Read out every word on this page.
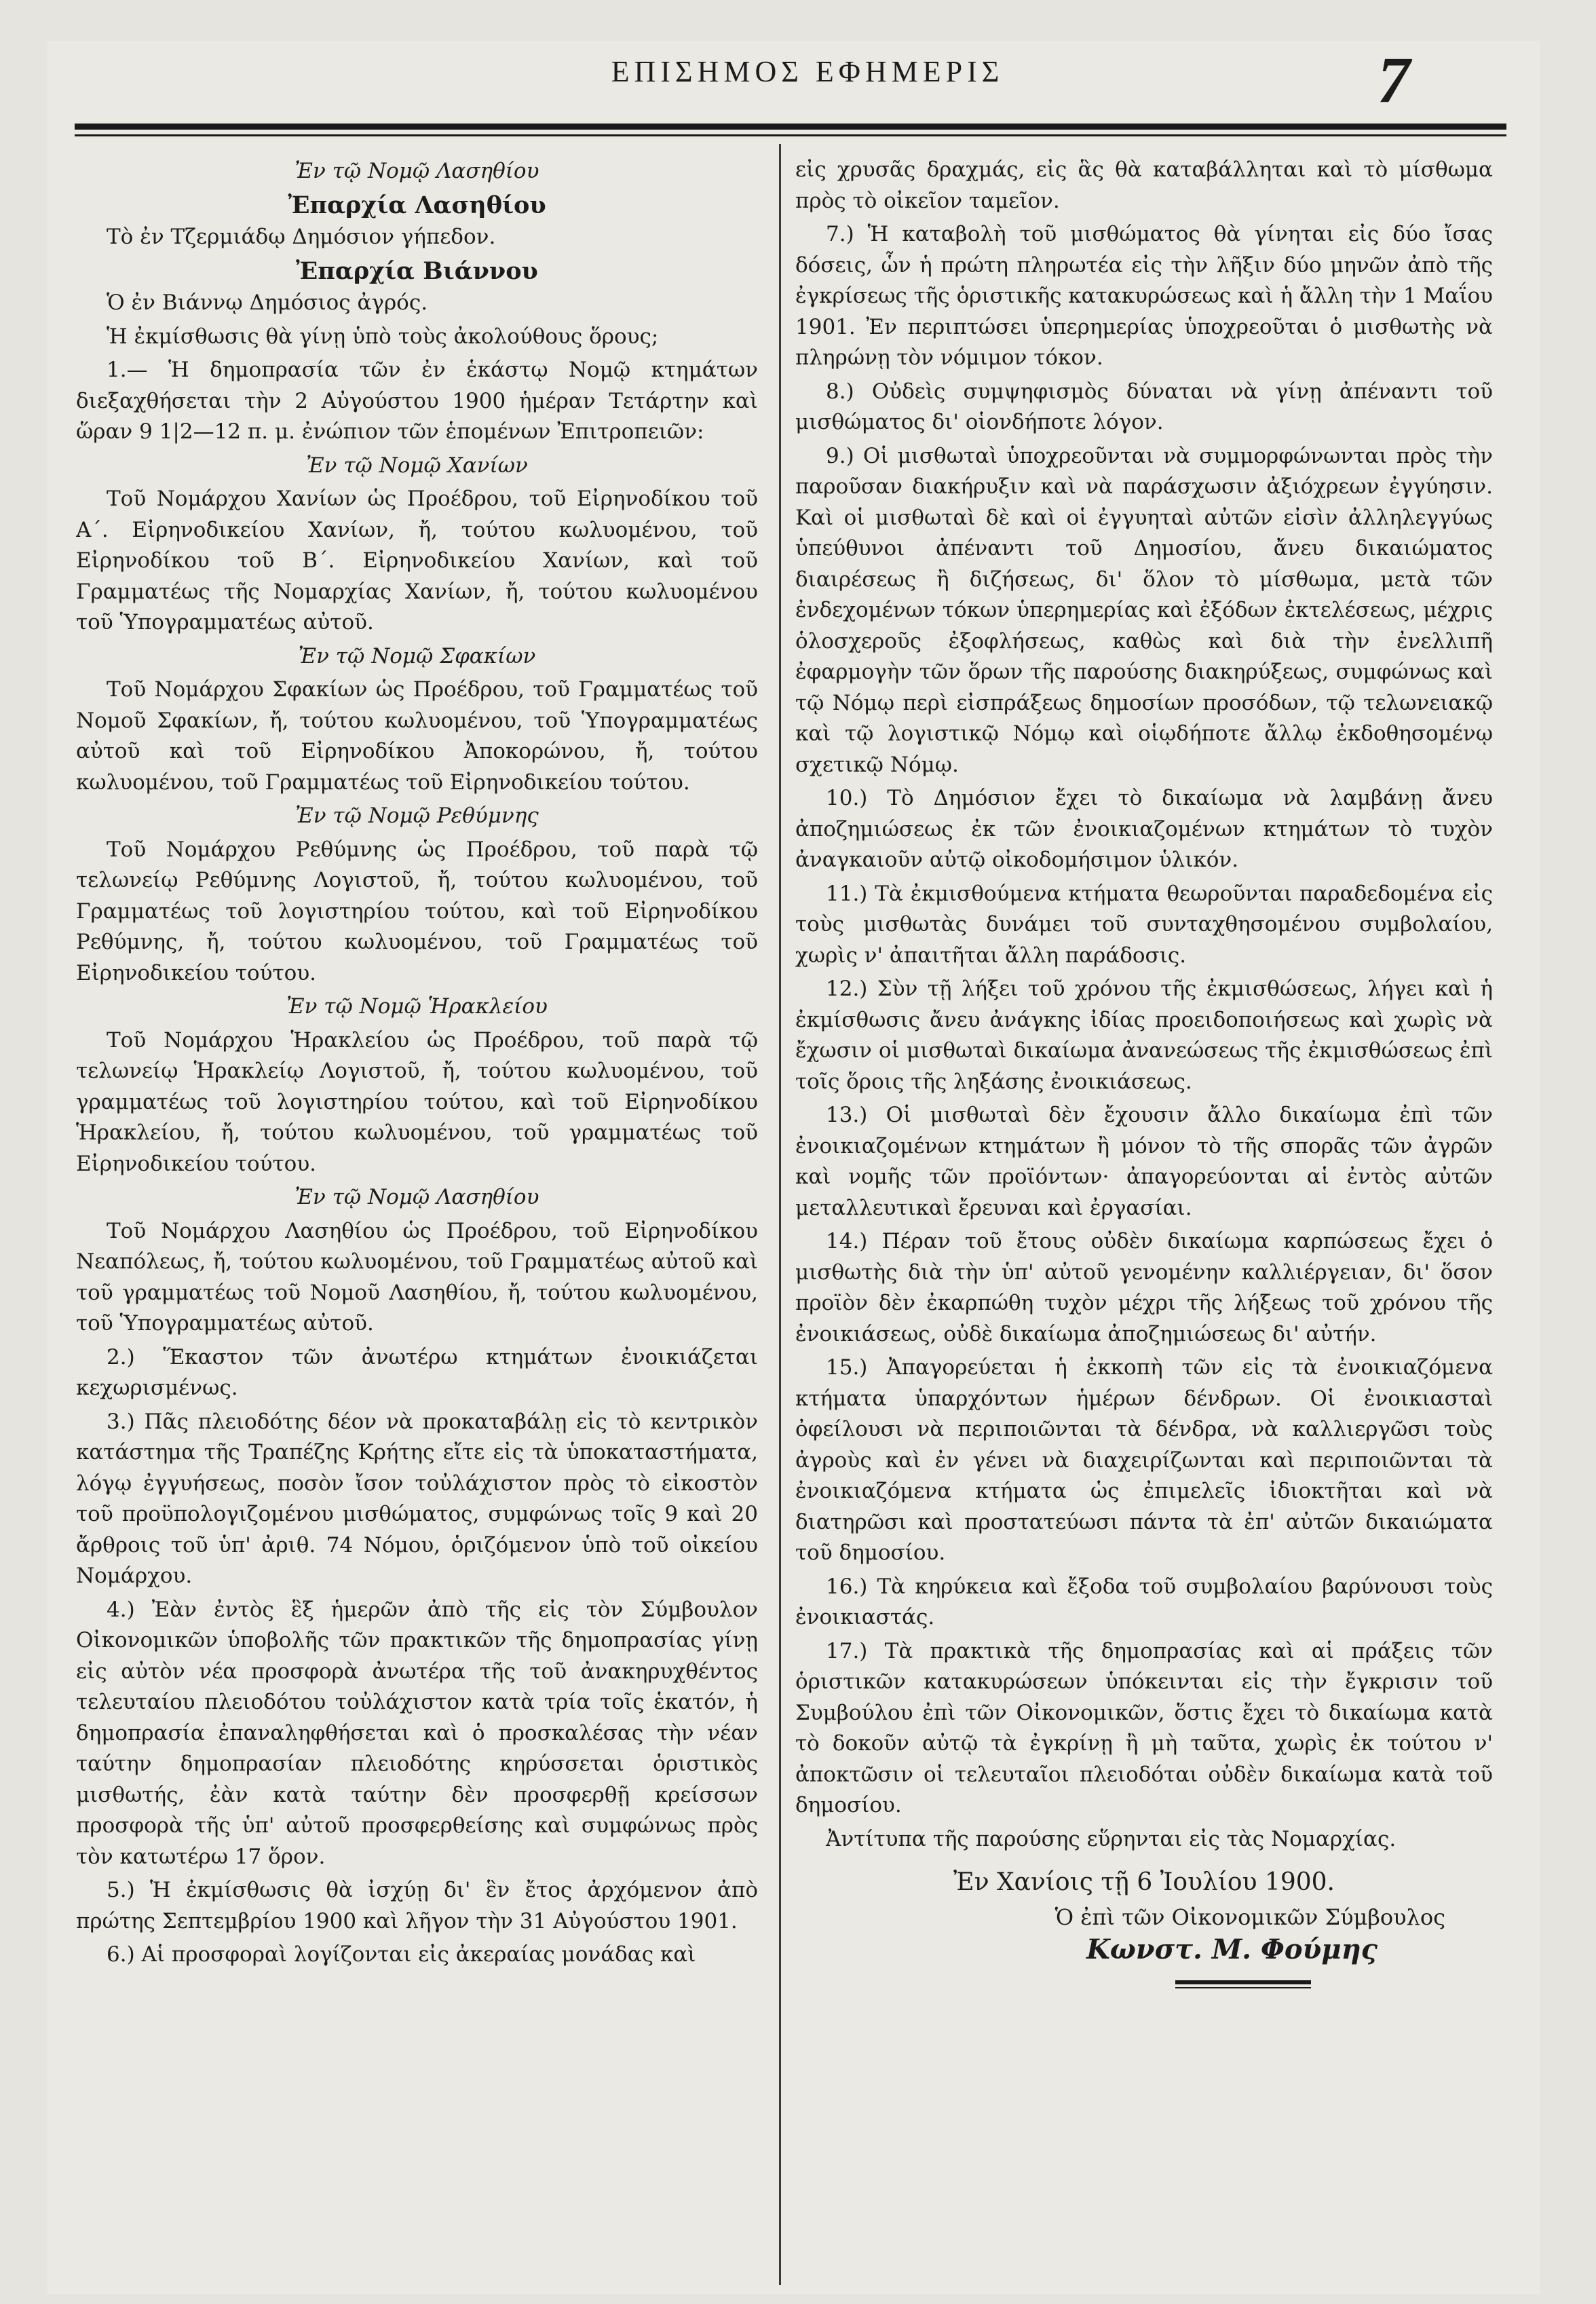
ΕΠΙΣΗΜΟΣ ΕΦΗΜΕΡΙΣ	7

Ἐν τῷ Νομῷ Λασηθίου

Ἐπαρχία Λασηθίου

Τὸ ἐν Τζερμιάδῳ Δημόσιον γήπεδον.

Ἐπαρχία Βιάννου

Ὁ ἐν Βιάννῳ Δημόσιος ἀγρός.

Ἡ ἐκμίσθωσις θὰ γίνῃ ὑπὸ τοὺς ἀκολούθους ὅρους;

1.— Ἡ δημοπρασία τῶν ἐν ἑκάστῳ Νομῷ κτημάτων διεξαχθήσεται τὴν 2 Αὐγούστου 1900 ἡμέραν Τετάρτην καὶ ὥραν 9 1|2—12 π. μ. ἐνώπιον τῶν ἑπομένων Ἐπιτροπειῶν:

Ἐν τῷ Νομῷ Χανίων

Τοῦ Νομάρχου Χανίων ὡς Προέδρου, τοῦ Εἰρηνοδίκου τοῦ Α΄. Εἰρηνοδικείου Χανίων, ἤ, τούτου κωλυομένου, τοῦ Εἰρηνοδίκου τοῦ Β΄. Εἰρηνοδικείου Χανίων, καὶ τοῦ Γραμματέως τῆς Νομαρχίας Χανίων, ἤ, τούτου κωλυομένου τοῦ Ὑπογραμματέως αὐτοῦ.

Ἐν τῷ Νομῷ Σφακίων

Τοῦ Νομάρχου Σφακίων ὡς Προέδρου, τοῦ Γραμματέως τοῦ Νομοῦ Σφακίων, ἤ, τούτου κωλυομένου, τοῦ Ὑπογραμματέως αὐτοῦ καὶ τοῦ Εἰρηνοδίκου Ἀποκορώνου, ἤ, τούτου κωλυομένου, τοῦ Γραμματέως τοῦ Εἰρηνοδικείου τούτου.

Ἐν τῷ Νομῷ Ρεθύμνης

Τοῦ Νομάρχου Ρεθύμνης ὡς Προέδρου, τοῦ παρὰ τῷ τελωνείῳ Ρεθύμνης Λογιστοῦ, ἤ, τούτου κωλυομένου, τοῦ Γραμματέως τοῦ λογιστηρίου τούτου, καὶ τοῦ Εἰρηνοδίκου Ρεθύμνης, ἤ, τούτου κωλυομένου, τοῦ Γραμματέως τοῦ Εἰρηνοδικείου τούτου.

Ἐν τῷ Νομῷ Ἡρακλείου

Τοῦ Νομάρχου Ἡρακλείου ὡς Προέδρου, τοῦ παρὰ τῷ τελωνείῳ Ἡρακλείῳ Λογιστοῦ, ἤ, τούτου κωλυομένου, τοῦ γραμματέως τοῦ λογιστηρίου τούτου, καὶ τοῦ Εἰρηνοδίκου Ἡρακλείου, ἤ, τούτου κωλυομένου, τοῦ γραμματέως τοῦ Εἰρηνοδικείου τούτου.

Ἐν τῷ Νομῷ Λασηθίου

Τοῦ Νομάρχου Λασηθίου ὡς Προέδρου, τοῦ Εἰρηνοδίκου Νεαπόλεως, ἤ, τούτου κωλυομένου, τοῦ Γραμματέως αὐτοῦ καὶ τοῦ γραμματέως τοῦ Νομοῦ Λασηθίου, ἤ, τούτου κωλυομένου, τοῦ Ὑπογραμματέως αὐτοῦ.

2.) Ἕκαστον τῶν ἀνωτέρω κτημάτων ἐνοικιάζεται κεχωρισμένως.

3.) Πᾶς πλειοδότης δέον νὰ προκαταβάλῃ εἰς τὸ κεντρικὸν κατάστημα τῆς Τραπέζης Κρήτης εἴτε εἰς τὰ ὑποκαταστήματα, λόγῳ ἐγγυήσεως, ποσὸν ἴσον τοὐλάχιστον πρὸς τὸ εἰκοστὸν τοῦ προϋπολογιζομένου μισθώματος, συμφώνως τοῖς 9 καὶ 20 ἄρθροις τοῦ ὑπ' ἀριθ. 74 Νόμου, ὁριζόμενον ὑπὸ τοῦ οἰκείου Νομάρχου.

4.) Ἐὰν ἐντὸς ἓξ ἡμερῶν ἀπὸ τῆς εἰς τὸν Σύμβουλον Οἰκονομικῶν ὑποβολῆς τῶν πρακτικῶν τῆς δημοπρασίας γίνῃ εἰς αὐτὸν νέα προσφορὰ ἀνωτέρα τῆς τοῦ ἀνακηρυχθέντος τελευταίου πλειοδότου τοὐλάχιστον κατὰ τρία τοῖς ἑκατόν, ἡ δημοπρασία ἐπαναληφθήσεται καὶ ὁ προσκαλέσας τὴν νέαν ταύτην δημοπρασίαν πλειοδότης κηρύσσεται ὁριστικὸς μισθωτής, ἐὰν κατὰ ταύτην δὲν προσφερθῇ κρείσσων προσφορὰ τῆς ὑπ' αὐτοῦ προσφερθείσης καὶ συμφώνως πρὸς τὸν κατωτέρω 17 ὅρον.

5.) Ἡ ἐκμίσθωσις θὰ ἰσχύῃ δι' ἓν ἔτος ἀρχόμενον ἀπὸ πρώτης Σεπτεμβρίου 1900 καὶ λῆγον τὴν 31 Αὐγούστου 1901.

6.) Αἱ προσφοραὶ λογίζονται εἰς ἀκεραίας μονάδας καὶ

εἰς χρυσᾶς δραχμάς, εἰς ἃς θὰ καταβάλληται καὶ τὸ μίσθωμα πρὸς τὸ οἰκεῖον ταμεῖον.

7.) Ἡ καταβολὴ τοῦ μισθώματος θὰ γίνηται εἰς δύο ἴσας δόσεις, ὧν ἡ πρώτη πληρωτέα εἰς τὴν λῆξιν δύο μηνῶν ἀπὸ τῆς ἐγκρίσεως τῆς ὁριστικῆς κατακυρώσεως καὶ ἡ ἄλλη τὴν 1 Μαΐου 1901. Ἐν περιπτώσει ὑπερημερίας ὑποχρεοῦται ὁ μισθωτὴς νὰ πληρώνῃ τὸν νόμιμον τόκον.

8.) Οὐδεὶς συμψηφισμὸς δύναται νὰ γίνῃ ἀπέναντι τοῦ μισθώματος δι' οἱονδήποτε λόγον.

9.) Οἱ μισθωταὶ ὑποχρεοῦνται νὰ συμμορφώνωνται πρὸς τὴν παροῦσαν διακήρυξιν καὶ νὰ παράσχωσιν ἀξιόχρεων ἐγγύησιν. Καὶ οἱ μισθωταὶ δὲ καὶ οἱ ἐγγυηταὶ αὐτῶν εἰσὶν ἀλληλεγγύως ὑπεύθυνοι ἀπέναντι τοῦ Δημοσίου, ἄνευ δικαιώματος διαιρέσεως ἢ διζήσεως, δι' ὅλον τὸ μίσθωμα, μετὰ τῶν ἐνδεχομένων τόκων ὑπερημερίας καὶ ἐξόδων ἐκτελέσεως, μέχρις ὁλοσχεροῦς ἐξοφλήσεως, καθὼς καὶ διὰ τὴν ἐνελλιπῆ ἐφαρμογὴν τῶν ὅρων τῆς παρούσης διακηρύξεως, συμφώνως καὶ τῷ Νόμῳ περὶ εἰσπράξεως δημοσίων προσόδων, τῷ τελωνειακῷ καὶ τῷ λογιστικῷ Νόμῳ καὶ οἱῳδήποτε ἄλλῳ ἐκδοθησομένῳ σχετικῷ Νόμῳ.

10.) Τὸ Δημόσιον ἔχει τὸ δικαίωμα νὰ λαμβάνῃ ἄνευ ἀποζημιώσεως ἐκ τῶν ἐνοικιαζομένων κτημάτων τὸ τυχὸν ἀναγκαιοῦν αὐτῷ οἰκοδομήσιμον ὑλικόν.

11.) Τὰ ἐκμισθούμενα κτήματα θεωροῦνται παραδεδομένα εἰς τοὺς μισθωτὰς δυνάμει τοῦ συνταχθησομένου συμβολαίου, χωρὶς ν' ἀπαιτῆται ἄλλη παράδοσις.

12.) Σὺν τῇ λήξει τοῦ χρόνου τῆς ἐκμισθώσεως, λήγει καὶ ἡ ἐκμίσθωσις ἄνευ ἀνάγκης ἰδίας προειδοποιήσεως καὶ χωρὶς νὰ ἔχωσιν οἱ μισθωταὶ δικαίωμα ἀνανεώσεως τῆς ἐκμισθώσεως ἐπὶ τοῖς ὅροις τῆς ληξάσης ἐνοικιάσεως.

13.) Οἱ μισθωταὶ δὲν ἔχουσιν ἄλλο δικαίωμα ἐπὶ τῶν ἐνοικιαζομένων κτημάτων ἢ μόνον τὸ τῆς σπορᾶς τῶν ἀγρῶν καὶ νομῆς τῶν προϊόντων· ἀπαγορεύονται αἱ ἐντὸς αὐτῶν μεταλλευτικαὶ ἔρευναι καὶ ἐργασίαι.

14.) Πέραν τοῦ ἔτους οὐδὲν δικαίωμα καρπώσεως ἔχει ὁ μισθωτὴς διὰ τὴν ὑπ' αὐτοῦ γενομένην καλλιέργειαν, δι' ὅσον προϊὸν δὲν ἐκαρπώθη τυχὸν μέχρι τῆς λήξεως τοῦ χρόνου τῆς ἐνοικιάσεως, οὐδὲ δικαίωμα ἀποζημιώσεως δι' αὐτήν.

15.) Ἀπαγορεύεται ἡ ἐκκοπὴ τῶν εἰς τὰ ἐνοικιαζόμενα κτήματα ὑπαρχόντων ἡμέρων δένδρων. Οἱ ἐνοικιασταὶ ὀφείλουσι νὰ περιποιῶνται τὰ δένδρα, νὰ καλλιεργῶσι τοὺς ἀγροὺς καὶ ἐν γένει νὰ διαχειρίζωνται καὶ περιποιῶνται τὰ ἐνοικιαζόμενα κτήματα ὡς ἐπιμελεῖς ἰδιοκτῆται καὶ νὰ διατηρῶσι καὶ προστατεύωσι πάντα τὰ ἐπ' αὐτῶν δικαιώματα τοῦ δημοσίου.

16.) Τὰ κηρύκεια καὶ ἔξοδα τοῦ συμβολαίου βαρύνουσι τοὺς ἐνοικιαστάς.

17.) Τὰ πρακτικὰ τῆς δημοπρασίας καὶ αἱ πράξεις τῶν ὁριστικῶν κατακυρώσεων ὑπόκεινται εἰς τὴν ἔγκρισιν τοῦ Συμβούλου ἐπὶ τῶν Οἰκονομικῶν, ὅστις ἔχει τὸ δικαίωμα κατὰ τὸ δοκοῦν αὐτῷ τὰ ἐγκρίνῃ ἢ μὴ ταῦτα, χωρὶς ἐκ τούτου ν' ἀποκτῶσιν οἱ τελευταῖοι πλειοδόται οὐδὲν δικαίωμα κατὰ τοῦ δημοσίου.

Ἀντίτυπα τῆς παρούσης εὕρηνται εἰς τὰς Νομαρχίας.

Ἐν Χανίοις τῇ 6 Ἰουλίου 1900.

Ὁ ἐπὶ τῶν Οἰκονομικῶν Σύμβουλος

Κωνστ. Μ. Φούμης
